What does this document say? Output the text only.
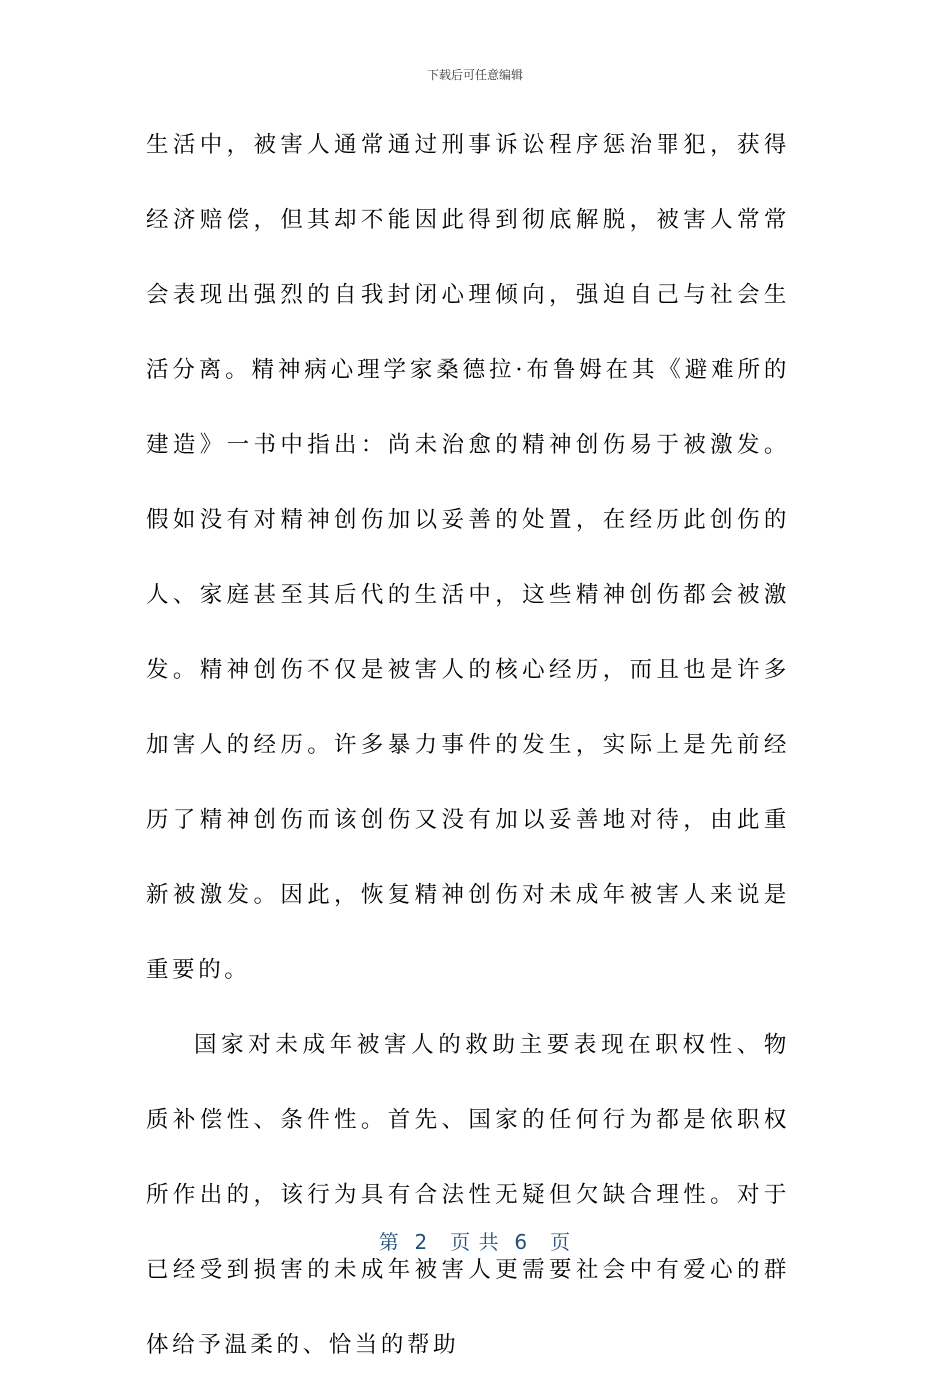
下载后可任意编辑

生活中，被害人通常通过刑事诉讼程序惩治罪犯，获得经济赔偿，但其却不能因此得到彻底解脱，被害人常常会表现出强烈的自我封闭心理倾向，强迫自己与社会生活分离。精神病心理学家桑德拉·布鲁姆在其《避难所的建造》一书中指出：尚未治愈的精神创伤易于被激发。假如没有对精神创伤加以妥善的处置，在经历此创伤的人、家庭甚至其后代的生活中，这些精神创伤都会被激发。精神创伤不仅是被害人的核心经历，而且也是许多加害人的经历。许多暴力事件的发生，实际上是先前经历了精神创伤而该创伤又没有加以妥善地对待，由此重新被激发。因此，恢复精神创伤对未成年被害人来说是重要的。

国家对未成年被害人的救助主要表现在职权性、物质补偿性、条件性。首先、国家的任何行为都是依职权所作出的，该行为具有合法性无疑但欠缺合理性。对于已经受到损害的未成年被害人更需要社会中有爱心的群体给予温柔的、恰当的帮助

第  2   页 共  6   页
